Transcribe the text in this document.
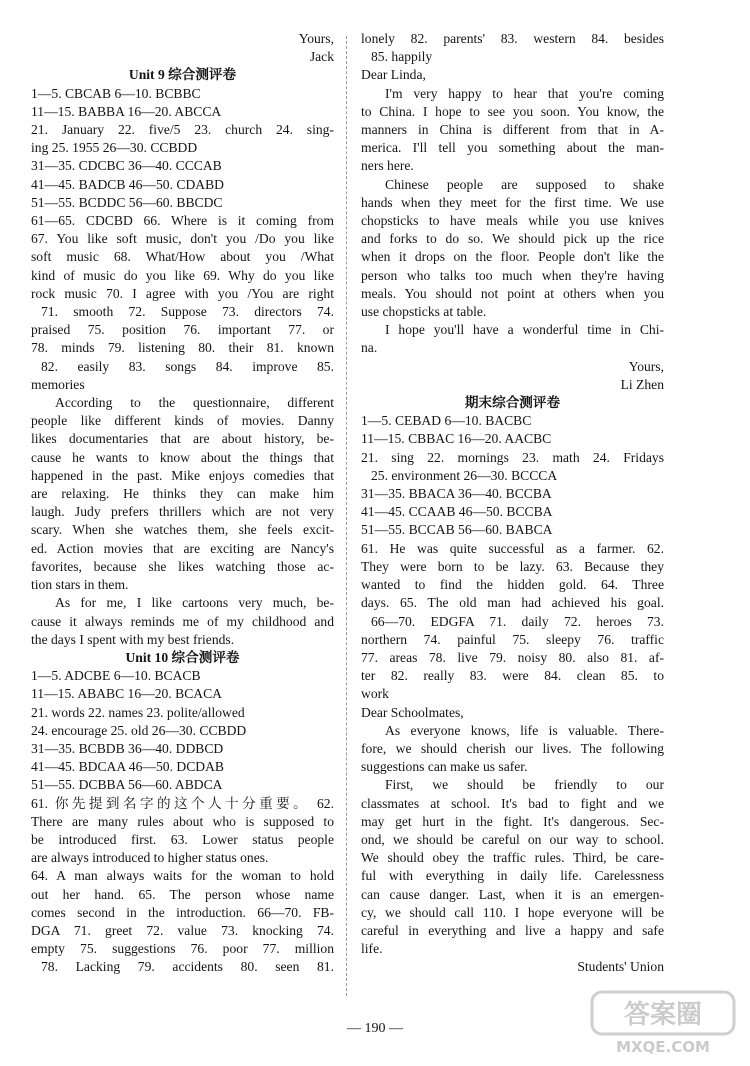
Yours,
Jack
Unit 9 综合测评卷
1—5. CBCAB 6—10. BCBBC
11—15. BABBA 16—20. ABCCA
21. January 22. five/5 23. church 24. sing-
ing 25. 1955 26—30. CCBDD
31—35. CDCBC 36—40. CCCAB
41—45. BADCB 46—50. CDABD
51—55. BCDDC 56—60. BBCDC
61—65. CDCBD 66. Where is it coming from
67. You like soft music, don't you /Do you like
soft music 68. What/How about you /What
kind of music do you like 69. Why do you like
rock music 70. I agree with you /You are right
71. smooth 72. Suppose 73. directors 74.
praised 75. position 76. important 77. or
78. minds 79. listening 80. their 81. known
82. easily 83. songs 84. improve 85.
memories
According to the questionnaire, different
people like different kinds of movies. Danny
likes documentaries that are about history, be-
cause he wants to know about the things that
happened in the past. Mike enjoys comedies that
are relaxing. He thinks they can make him
laugh. Judy prefers thrillers which are not very
scary. When she watches them, she feels excit-
ed. Action movies that are exciting are Nancy's
favorites, because she likes watching those ac-
tion stars in them.
As for me, I like cartoons very much, be-
cause it always reminds me of my childhood and
the days I spent with my best friends.
Unit 10 综合测评卷
1—5. ADCBE 6—10. BCACB
11—15. ABABC 16—20. BCACA
21. words 22. names 23. polite/allowed
24. encourage 25. old 26—30. CCBDD
31—35. BCBDB 36—40. DDBCD
41—45. BDCAA 46—50. DCDAB
51—55. DCBBA 56—60. ABDCA
61. 你先提到名字的这个人十分重要。 62.
There are many rules about who is supposed to
be introduced first. 63. Lower status people
are always introduced to higher status ones.
64. A man always waits for the woman to hold
out her hand. 65. The person whose name
comes second in the introduction. 66—70. FB-
DGA 71. greet 72. value 73. knocking 74.
empty 75. suggestions 76. poor 77. million
78. Lacking 79. accidents 80. seen 81.
lonely 82. parents' 83. western 84. besides
85. happily
Dear Linda,
I'm very happy to hear that you're coming
to China. I hope to see you soon. You know, the
manners in China is different from that in A-
merica. I'll tell you something about the man-
ners here.
Chinese people are supposed to shake
hands when they meet for the first time. We use
chopsticks to have meals while you use knives
and forks to do so. We should pick up the rice
when it drops on the floor. People don't like the
person who talks too much when they're having
meals. You should not point at others when you
use chopsticks at table.
I hope you'll have a wonderful time in Chi-
na.
Yours,
Li Zhen
期末综合测评卷
1—5. CEBAD 6—10. BACBC
11—15. CBBAC 16—20. AACBC
21. sing 22. mornings 23. math 24. Fridays
25. environment 26—30. BCCCA
31—35. BBACA 36—40. BCCBA
41—45. CCAAB 46—50. BCCBA
51—55. BCCAB 56—60. BABCA
61. He was quite successful as a farmer. 62.
They were born to be lazy. 63. Because they
wanted to find the hidden gold. 64. Three
days. 65. The old man had achieved his goal.
66—70. EDGFA 71. daily 72. heroes 73.
northern 74. painful 75. sleepy 76. traffic
77. areas 78. live 79. noisy 80. also 81. af-
ter 82. really 83. were 84. clean 85. to
work
Dear Schoolmates,
As everyone knows, life is valuable. There-
fore, we should cherish our lives. The following
suggestions can make us safer.
First, we should be friendly to our
classmates at school. It's bad to fight and we
may get hurt in the fight. It's dangerous. Sec-
ond, we should be careful on our way to school.
We should obey the traffic rules. Third, be care-
ful with everything in daily life. Carelessness
can cause danger. Last, when it is an emergen-
cy, we should call 110. I hope everyone will be
careful in everything and live a happy and safe
life.
Students' Union
— 190 —	答案圈
MXQE.COM
